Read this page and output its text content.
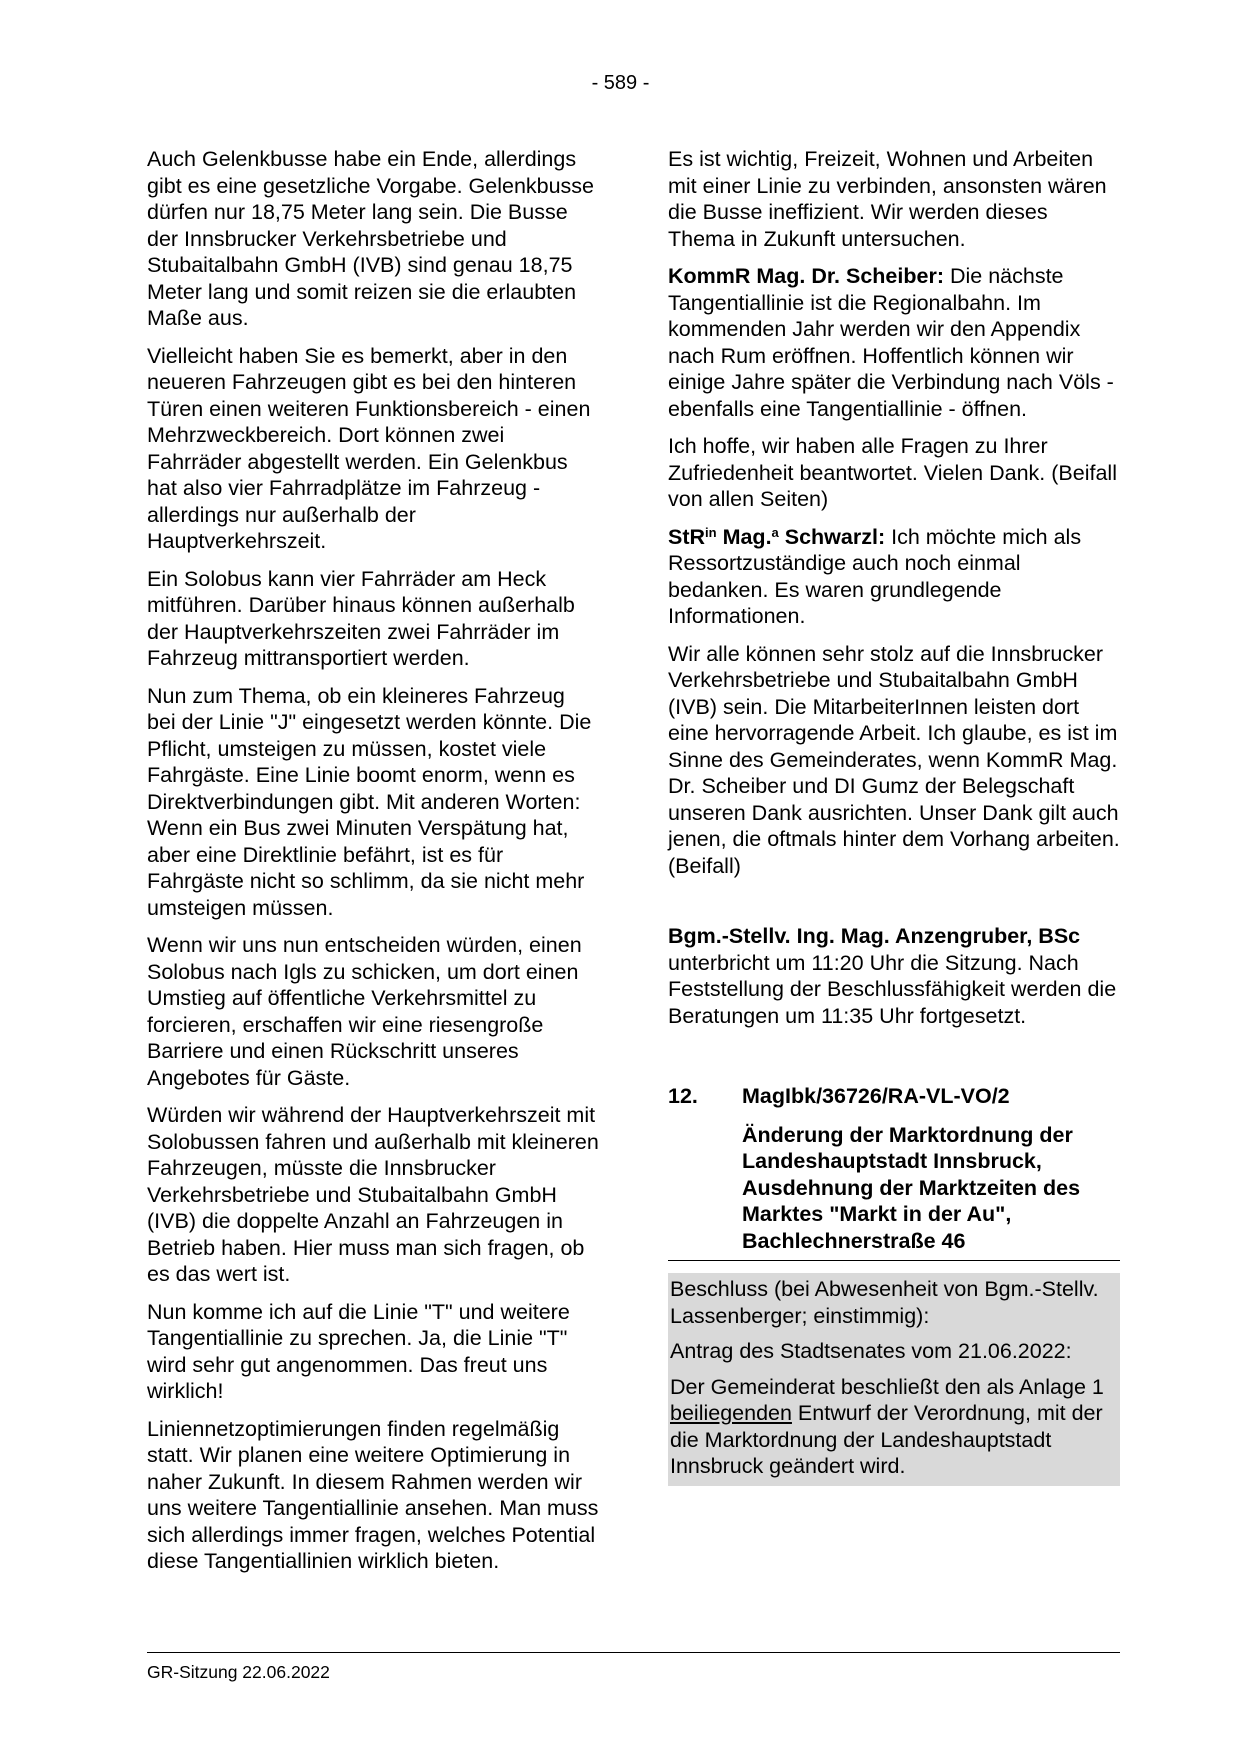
- 589 -

Auch Gelenkbusse habe ein Ende, allerdings gibt es eine gesetzliche Vorgabe. Gelenkbusse dürfen nur 18,75 Meter lang sein. Die Busse der Innsbrucker Verkehrsbetriebe und Stubaitalbahn GmbH (IVB) sind genau 18,75 Meter lang und somit reizen sie die erlaubten Maße aus.

Vielleicht haben Sie es bemerkt, aber in den neueren Fahrzeugen gibt es bei den hinteren Türen einen weiteren Funktionsbereich - einen Mehrzweckbereich. Dort können zwei Fahrräder abgestellt werden. Ein Gelenkbus hat also vier Fahrradplätze im Fahrzeug - allerdings nur außerhalb der Hauptverkehrszeit.

Ein Solobus kann vier Fahrräder am Heck mitführen. Darüber hinaus können außerhalb der Hauptverkehrszeiten zwei Fahrräder im Fahrzeug mittransportiert werden.

Nun zum Thema, ob ein kleineres Fahrzeug bei der Linie "J" eingesetzt werden könnte. Die Pflicht, umsteigen zu müssen, kostet viele Fahrgäste. Eine Linie boomt enorm, wenn es Direktverbindungen gibt. Mit anderen Worten: Wenn ein Bus zwei Minuten Verspätung hat, aber eine Direktlinie befährt, ist es für Fahrgäste nicht so schlimm, da sie nicht mehr umsteigen müssen.

Wenn wir uns nun entscheiden würden, einen Solobus nach Igls zu schicken, um dort einen Umstieg auf öffentliche Verkehrsmittel zu forcieren, erschaffen wir eine riesengroße Barriere und einen Rückschritt unseres Angebotes für Gäste.

Würden wir während der Hauptverkehrszeit mit Solobussen fahren und außerhalb mit kleineren Fahrzeugen, müsste die Innsbrucker Verkehrsbetriebe und Stubaitalbahn GmbH (IVB) die doppelte Anzahl an Fahrzeugen in Betrieb haben. Hier muss man sich fragen, ob es das wert ist.

Nun komme ich auf die Linie "T" und weitere Tangentiallinie zu sprechen. Ja, die Linie "T" wird sehr gut angenommen. Das freut uns wirklich!

Liniennetzoptimierungen finden regelmäßig statt. Wir planen eine weitere Optimierung in naher Zukunft. In diesem Rahmen werden wir uns weitere Tangentiallinie ansehen. Man muss sich allerdings immer fragen, welches Potential diese Tangentiallinien wirklich bieten.

Es ist wichtig, Freizeit, Wohnen und Arbeiten mit einer Linie zu verbinden, ansonsten wären die Busse ineffizient. Wir werden dieses Thema in Zukunft untersuchen.

KommR Mag. Dr. Scheiber: Die nächste Tangentiallinie ist die Regionalbahn. Im kommenden Jahr werden wir den Appendix nach Rum eröffnen. Hoffentlich können wir einige Jahre später die Verbindung nach Völs - ebenfalls eine Tangentiallinie - öffnen.

Ich hoffe, wir haben alle Fragen zu Ihrer Zufriedenheit beantwortet. Vielen Dank. (Beifall von allen Seiten)

StR$^{in}$ Mag.$^a$ Schwarzl: Ich möchte mich als Ressortzuständige auch noch einmal bedanken. Es waren grundlegende Informationen.

Wir alle können sehr stolz auf die Innsbrucker Verkehrsbetriebe und Stubaitalbahn GmbH (IVB) sein. Die MitarbeiterInnen leisten dort eine hervorragende Arbeit. Ich glaube, es ist im Sinne des Gemeinderates, wenn KommR Mag. Dr. Scheiber und DI Gumz der Belegschaft unseren Dank ausrichten. Unser Dank gilt auch jenen, die oftmals hinter dem Vorhang arbeiten. (Beifall)

Bgm.-Stellv. Ing. Mag. Anzengruber, BSc unterbricht um 11:20 Uhr die Sitzung. Nach Feststellung der Beschlussfähigkeit werden die Beratungen um 11:35 Uhr fortgesetzt.

12. MagIbk/36726/RA-VL-VO/2
Änderung der Marktordnung der Landeshauptstadt Innsbruck, Ausdehnung der Marktzeiten des Marktes "Markt in der Au", Bachlechnerstraße 46

Beschluss (bei Abwesenheit von Bgm.-Stellv. Lassenberger; einstimmig):

Antrag des Stadtsenates vom 21.06.2022:

Der Gemeinderat beschließt den als Anlage 1 beiliegenden Entwurf der Verordnung, mit der die Marktordnung der Landeshauptstadt Innsbruck geändert wird.

GR-Sitzung 22.06.2022
